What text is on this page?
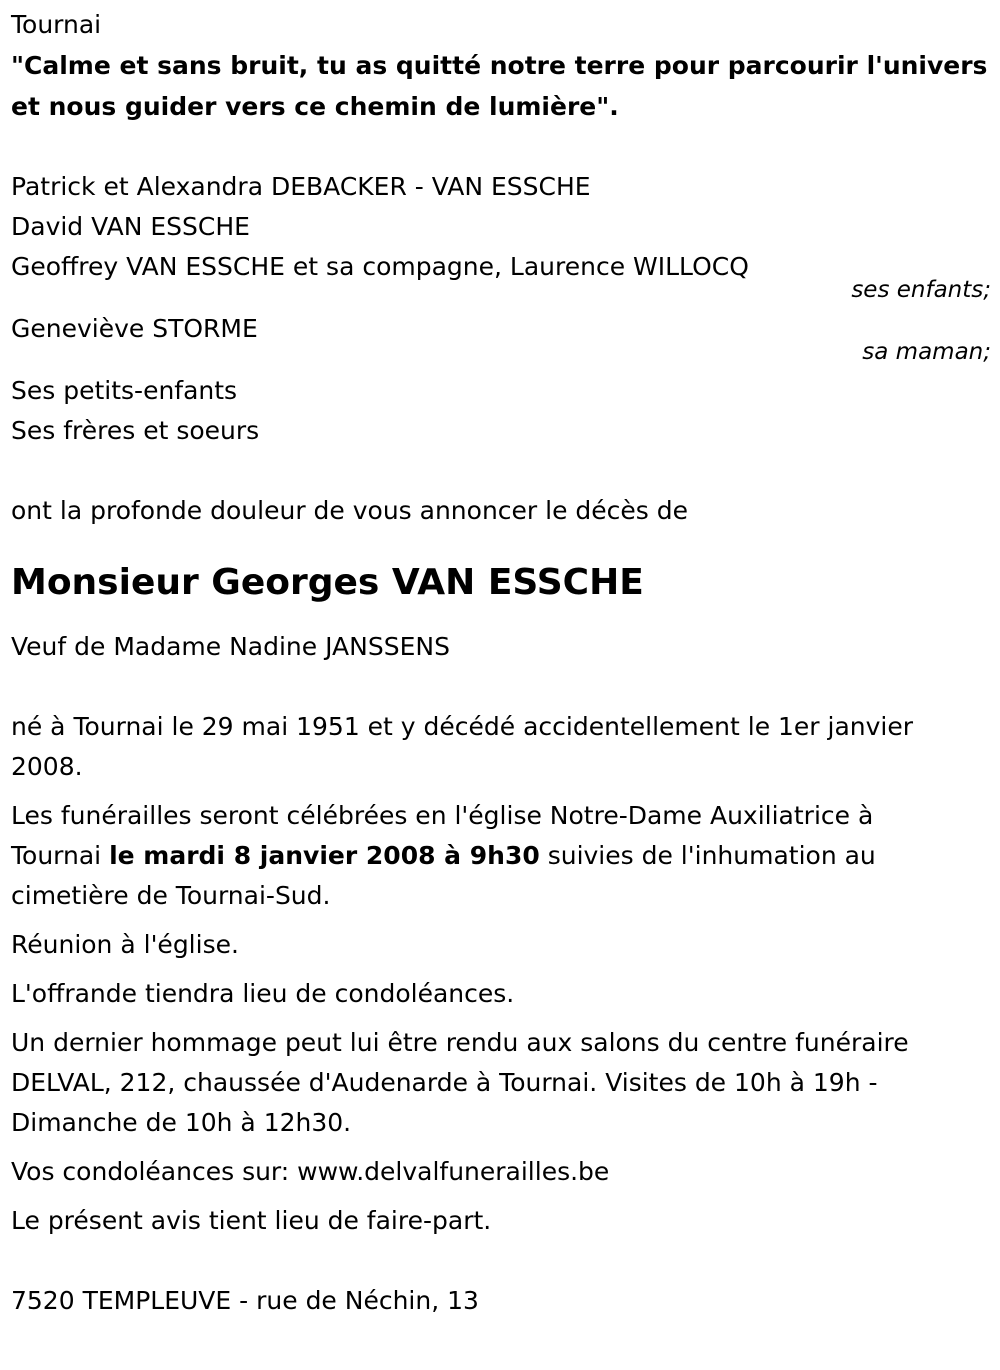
Tournai
"Calme et sans bruit, tu as quitté notre terre pour parcourir l'univers
et nous guider vers ce chemin de lumière".
Patrick et Alexandra DEBACKER - VAN ESSCHE
David VAN ESSCHE
Geoffrey VAN ESSCHE et sa compagne, Laurence WILLOCQ
ses enfants;
Geneviève STORME
sa maman;
Ses petits-enfants
Ses frères et soeurs
ont la profonde douleur de vous annoncer le décès de
Monsieur Georges VAN ESSCHE
Veuf de Madame Nadine JANSSENS
né à Tournai le 29 mai 1951 et y décédé accidentellement le 1er janvier 2008.
Les funérailles seront célébrées en l'église Notre-Dame Auxiliatrice à Tournai le mardi 8 janvier 2008 à 9h30 suivies de l'inhumation au cimetière de Tournai-Sud.
Réunion à l'église.
L'offrande tiendra lieu de condoléances.
Un dernier hommage peut lui être rendu aux salons du centre funéraire DELVAL, 212, chaussée d'Audenarde à Tournai. Visites de 10h à 19h - Dimanche de 10h à 12h30.
Vos condoléances sur: www.delvalfunerailles.be
Le présent avis tient lieu de faire-part.
7520 TEMPLEUVE - rue de Néchin, 13
